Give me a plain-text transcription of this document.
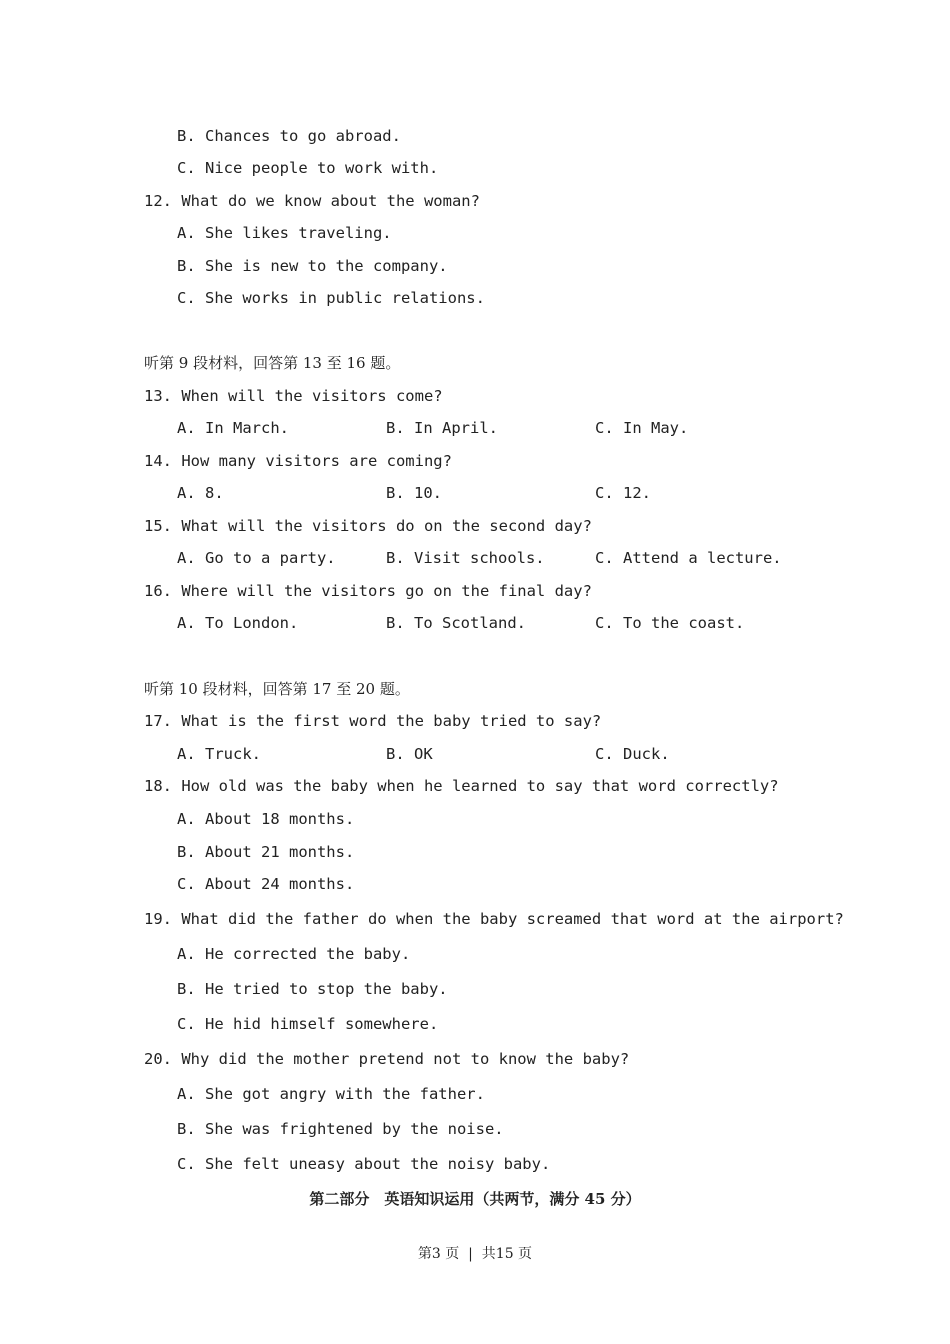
B. Chances to go abroad.
C. Nice people to work with.
12. What do we know about the woman?
A. She likes traveling.
B. She is new to the company.
C. She works in public relations.
听第 9 段材料，回答第 13 至 16 题。
13. When will the visitors come?
A. In March.	B. In April.	C. In May.
14. How many visitors are coming?
A. 8.	B. 10.	C. 12.
15. What will the visitors do on the second day?
A. Go to a party.	B. Visit schools.	C. Attend a lecture.
16. Where will the visitors go on the final day?
A. To London.	B. To Scotland.	C. To the coast.
听第 10 段材料，回答第 17 至 20 题。
17. What is the first word the baby tried to say?
A. Truck.	B. OK	C. Duck.
18. How old was the baby when he learned to say that word correctly?
A. About 18 months.
B. About 21 months.
C. About 24 months.
19. What did the father do when the baby screamed that word at the airport?
A. He corrected the baby.
B. He tried to stop the baby.
C. He hid himself somewhere.
20. Why did the mother pretend not to know the baby?
A. She got angry with the father.
B. She was frightened by the noise.
C. She felt uneasy about the noisy baby.
第二部分　英语知识运用（共两节，满分 45 分）
第3 页  |  共15 页
